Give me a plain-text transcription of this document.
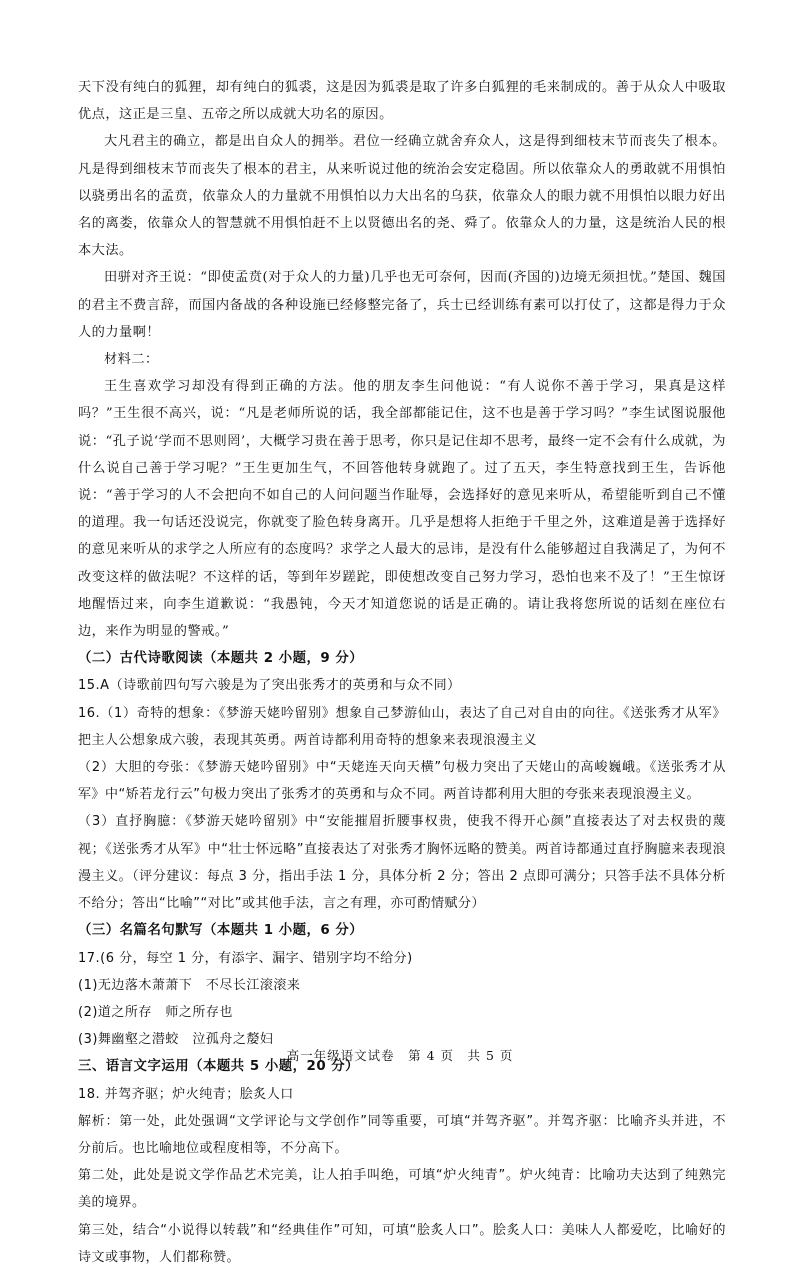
天下没有纯白的狐狸，却有纯白的狐裘，这是因为狐裘是取了许多白狐狸的毛来制成的。善于从众人中吸取优点，这正是三皇、五帝之所以成就大功名的原因。

大凡君主的确立，都是出自众人的拥举。君位一经确立就舍弃众人，这是得到细枝末节而丧失了根本。凡是得到细枝末节而丧失了根本的君主，从来听说过他的统治会安定稳固。所以依靠众人的勇敢就不用惧怕以骁勇出名的孟贲，依靠众人的力量就不用惧怕以力大出名的乌获，依靠众人的眼力就不用惧怕以眼力好出名的离娄，依靠众人的智慧就不用惧怕赶不上以贤德出名的尧、舜了。依靠众人的力量，这是统治人民的根本大法。

田骈对齐王说：“即使孟贲(对于众人的力量)几乎也无可奈何，因而(齐国的)边境无须担忧。”楚国、魏国的君主不费言辞，而国内备战的各种设施已经修整完备了，兵士已经训练有素可以打仗了，这都是得力于众人的力量啊！

材料二：

王生喜欢学习却没有得到正确的方法。他的朋友李生问他说：“有人说你不善于学习，果真是这样吗？”王生很不高兴，说：“凡是老师所说的话，我全部都能记住，这不也是善于学习吗？”李生试图说服他说：“孔子说‘学而不思则罔’，大概学习贵在善于思考，你只是记住却不思考，最终一定不会有什么成就，为什么说自己善于学习呢？”王生更加生气，不回答他转身就跑了。过了五天，李生特意找到王生，告诉他说：“善于学习的人不会把向不如自己的人问问题当作耻辱，会选择好的意见来听从，希望能听到自己不懂的道理。我一句话还没说完，你就变了脸色转身离开。几乎是想将人拒绝于千里之外，这难道是善于选择好的意见来听从的求学之人所应有的态度吗？求学之人最大的忌讳，是没有什么能够超过自我满足了，为何不改变这样的做法呢？不这样的话，等到年岁蹉跎，即使想改变自己努力学习，恐怕也来不及了！”王生惊讶地醒悟过来，向李生道歉说：“我愚钝，今天才知道您说的话是正确的。请让我将您所说的话刻在座位右边，来作为明显的警戒。”

（二）古代诗歌阅读（本题共 2 小题，9 分）

15.A（诗歌前四句写六骏是为了突出张秀才的英勇和与众不同）

16.（1）奇特的想象：《梦游天姥吟留别》想象自己梦游仙山，表达了自己对自由的向往。《送张秀才从军》把主人公想象成六骏，表现其英勇。两首诗都利用奇特的想象来表现浪漫主义

（2）大胆的夸张：《梦游天姥吟留别》中“天姥连天向天横”句极力突出了天姥山的高峻巍峨。《送张秀才从军》中“矫若龙行云”句极力突出了张秀才的英勇和与众不同。两首诗都利用大胆的夸张来表现浪漫主义。

（3）直抒胸臆：《梦游天姥吟留别》中“安能摧眉折腰事权贵，使我不得开心颜”直接表达了对去权贵的蔑视；《送张秀才从军》中“壮士怀远略”直接表达了对张秀才胸怀远略的赞美。两首诗都通过直抒胸臆来表现浪漫主义。（评分建议：每点 3 分，指出手法 1 分，具体分析 2 分；答出 2 点即可满分；只答手法不具体分析不给分；答出“比喻”“对比”或其他手法，言之有理，亦可酌情赋分）

（三）名篇名句默写（本题共 1 小题，6 分）

17.(6 分，每空 1 分，有添字、漏字、错别字均不给分)

(1)无边落木萧萧下　不尽长江滚滚来

(2)道之所存　师之所存也

(3)舞幽壑之潜蛟　泣孤舟之嫠妇

三、语言文字运用（本题共 5 小题，20 分）

18. 并驾齐驱；炉火纯青；脍炙人口

解析：第一处，此处强调“文学评论与文学创作”同等重要，可填“并驾齐驱”。并驾齐驱：比喻齐头并进，不分前后。也比喻地位或程度相等，不分高下。

第二处，此处是说文学作品艺术完美，让人拍手叫绝，可填“炉火纯青”。炉火纯青：比喻功夫达到了纯熟完美的境界。

第三处，结合“小说得以转载”和“经典佳作”可知，可填“脍炙人口”。脍炙人口：美味人人都爱吃，比喻好的诗文或事物，人们都称赞。

高一年级语文试卷　第 4 页　共 5 页
